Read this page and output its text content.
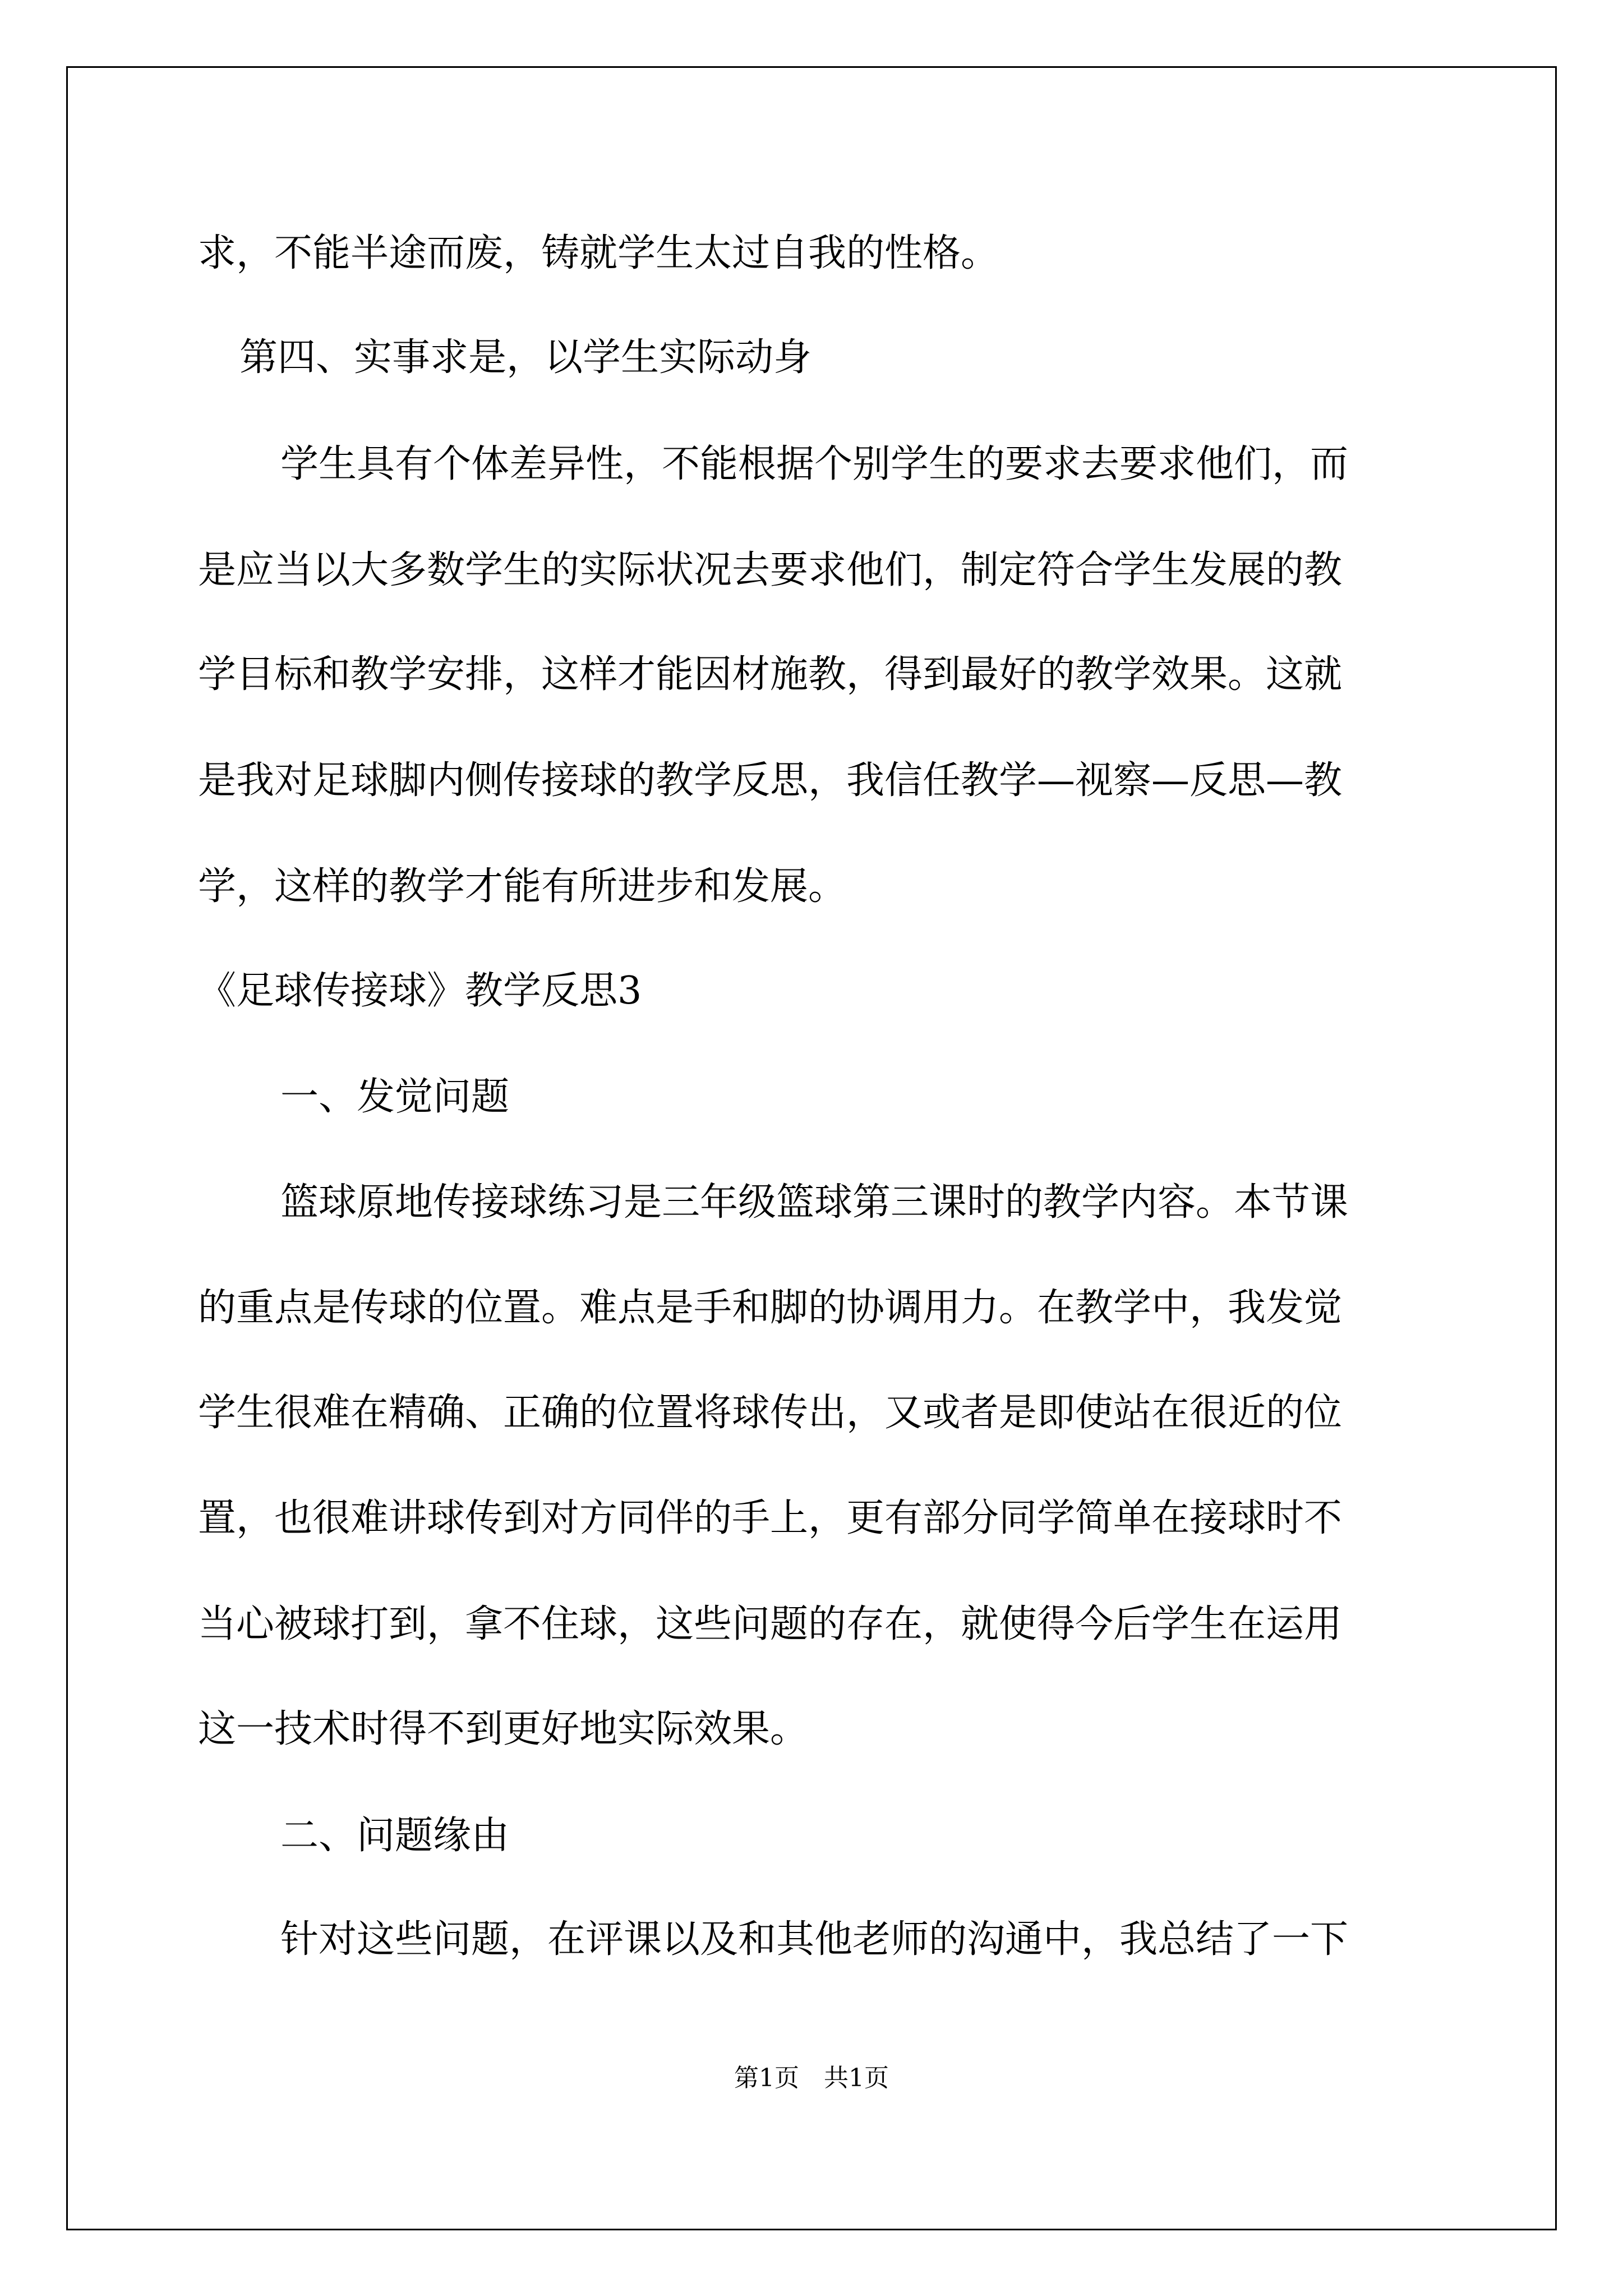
求，不能半途而废，铸就学生太过自我的性格。

第四、实事求是，以学生实际动身

学生具有个体差异性，不能根据个别学生的要求去要求他们，而

是应当以大多数学生的实际状况去要求他们，制定符合学生发展的教

学目标和教学安排，这样才能因材施教，得到最好的教学效果。这就

是我对足球脚内侧传接球的教学反思，我信任教学—视察—反思—教

学，这样的教学才能有所进步和发展。

《足球传接球》教学反思3

一、发觉问题

篮球原地传接球练习是三年级篮球第三课时的教学内容。本节课

的重点是传球的位置。难点是手和脚的协调用力。在教学中，我发觉

学生很难在精确、正确的位置将球传出，又或者是即使站在很近的位

置，也很难讲球传到对方同伴的手上，更有部分同学简单在接球时不

当心被球打到，拿不住球，这些问题的存在，就使得今后学生在运用

这一技术时得不到更好地实际效果。

二、问题缘由

针对这些问题，在评课以及和其他老师的沟通中，我总结了一下

第1页　共1页
